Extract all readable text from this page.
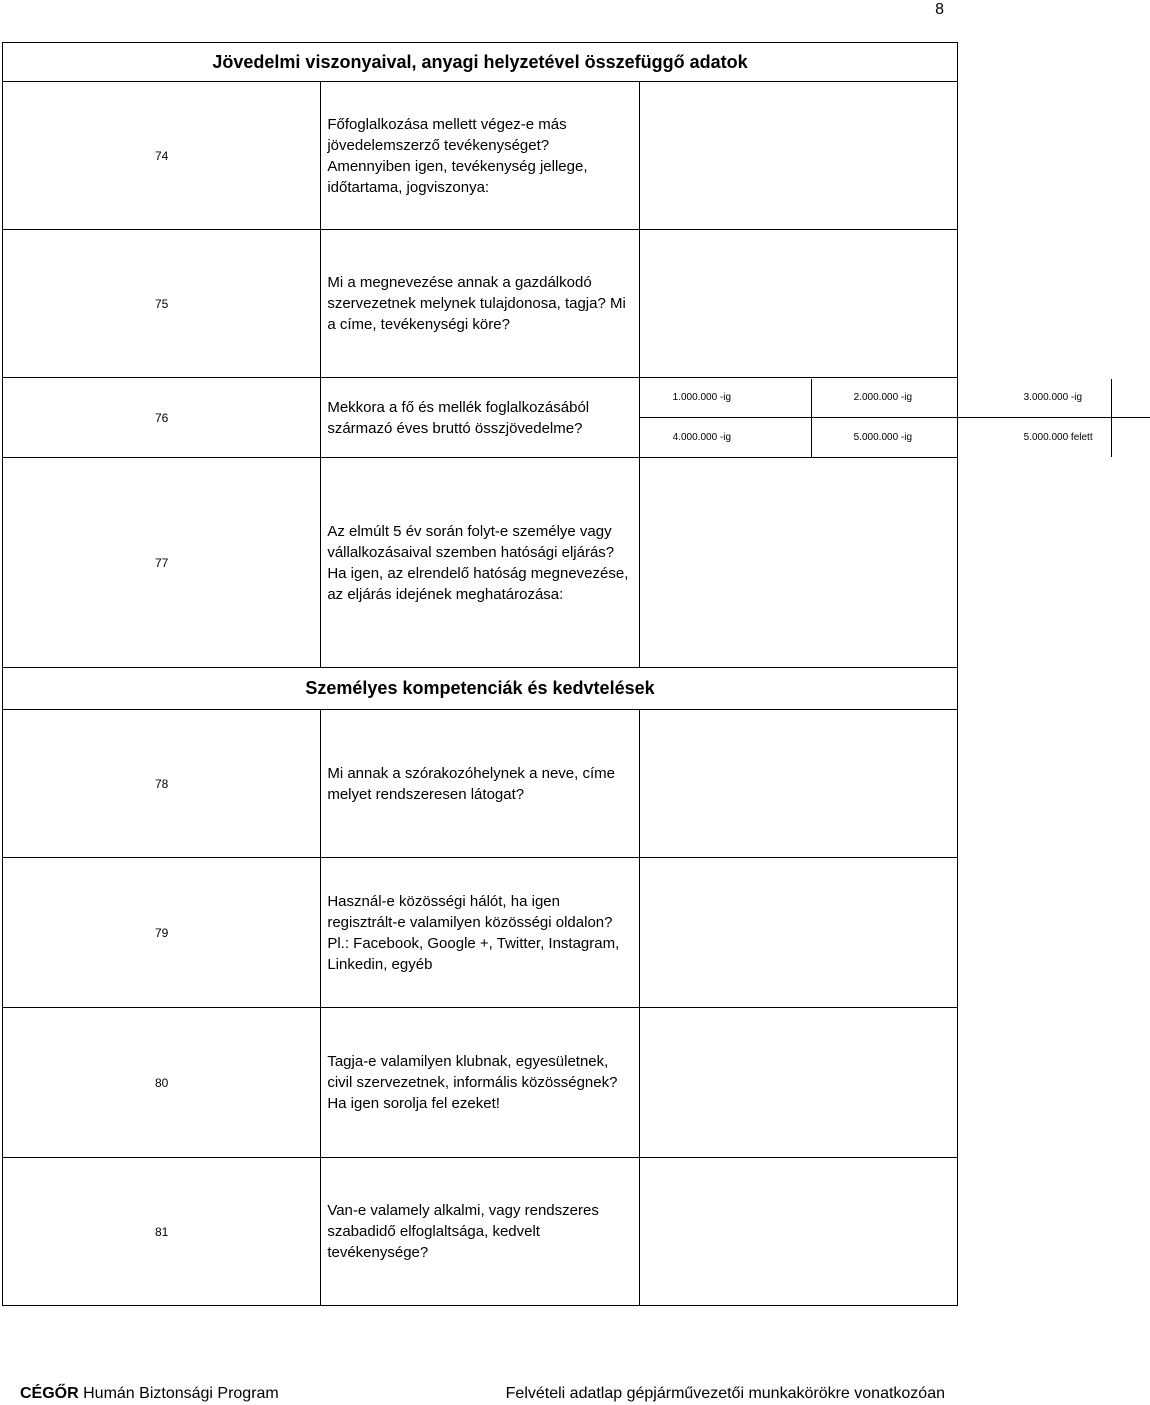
8
Jövedelmi viszonyaival, anyagi helyzetével összefüggő adatok
74	Főfoglalkozása mellett végez-e más jövedelemszerző tevékenységet? Amennyiben igen, tevékenység jellege, időtartama, jogviszonya:	
75	Mi a megnevezése annak a gazdálkodó szervezetnek melynek tulajdonosa, tagja? Mi a címe, tevékenységi köre?	
76	Mekkora a fő és mellék foglalkozásából származó éves bruttó összjövedelme?	
1.000.000 -ig		2.000.000 -ig	3.000.000 -ig	
4.000.000 -ig		5.000.000 -ig	5.000.000 felett	

77	Az elmúlt 5 év során folyt-e személye vagy vállalkozásaival szemben hatósági eljárás? Ha igen, az elrendelő hatóság megnevezése, az eljárás idejének meghatározása:	
Személyes kompetenciák és kedvtelések
78	Mi annak a szórakozóhelynek a neve, címe melyet rendszeresen látogat?	
79	Használ-e közösségi hálót, ha igen regisztrált-e valamilyen közösségi oldalon? Pl.: Facebook, Google +, Twitter, Instagram, Linkedin, egyéb	
80	Tagja-e valamilyen klubnak, egyesületnek, civil szervezetnek, informális közösségnek? Ha igen sorolja fel ezeket!	
81	Van-e valamely alkalmi, vagy rendszeres szabadidő elfoglaltsága, kedvelt tevékenysége?	
CÉGŐR Humán Biztonsági Program	Felvételi adatlap gépjárművezetői munkakörökre vonatkozóan
